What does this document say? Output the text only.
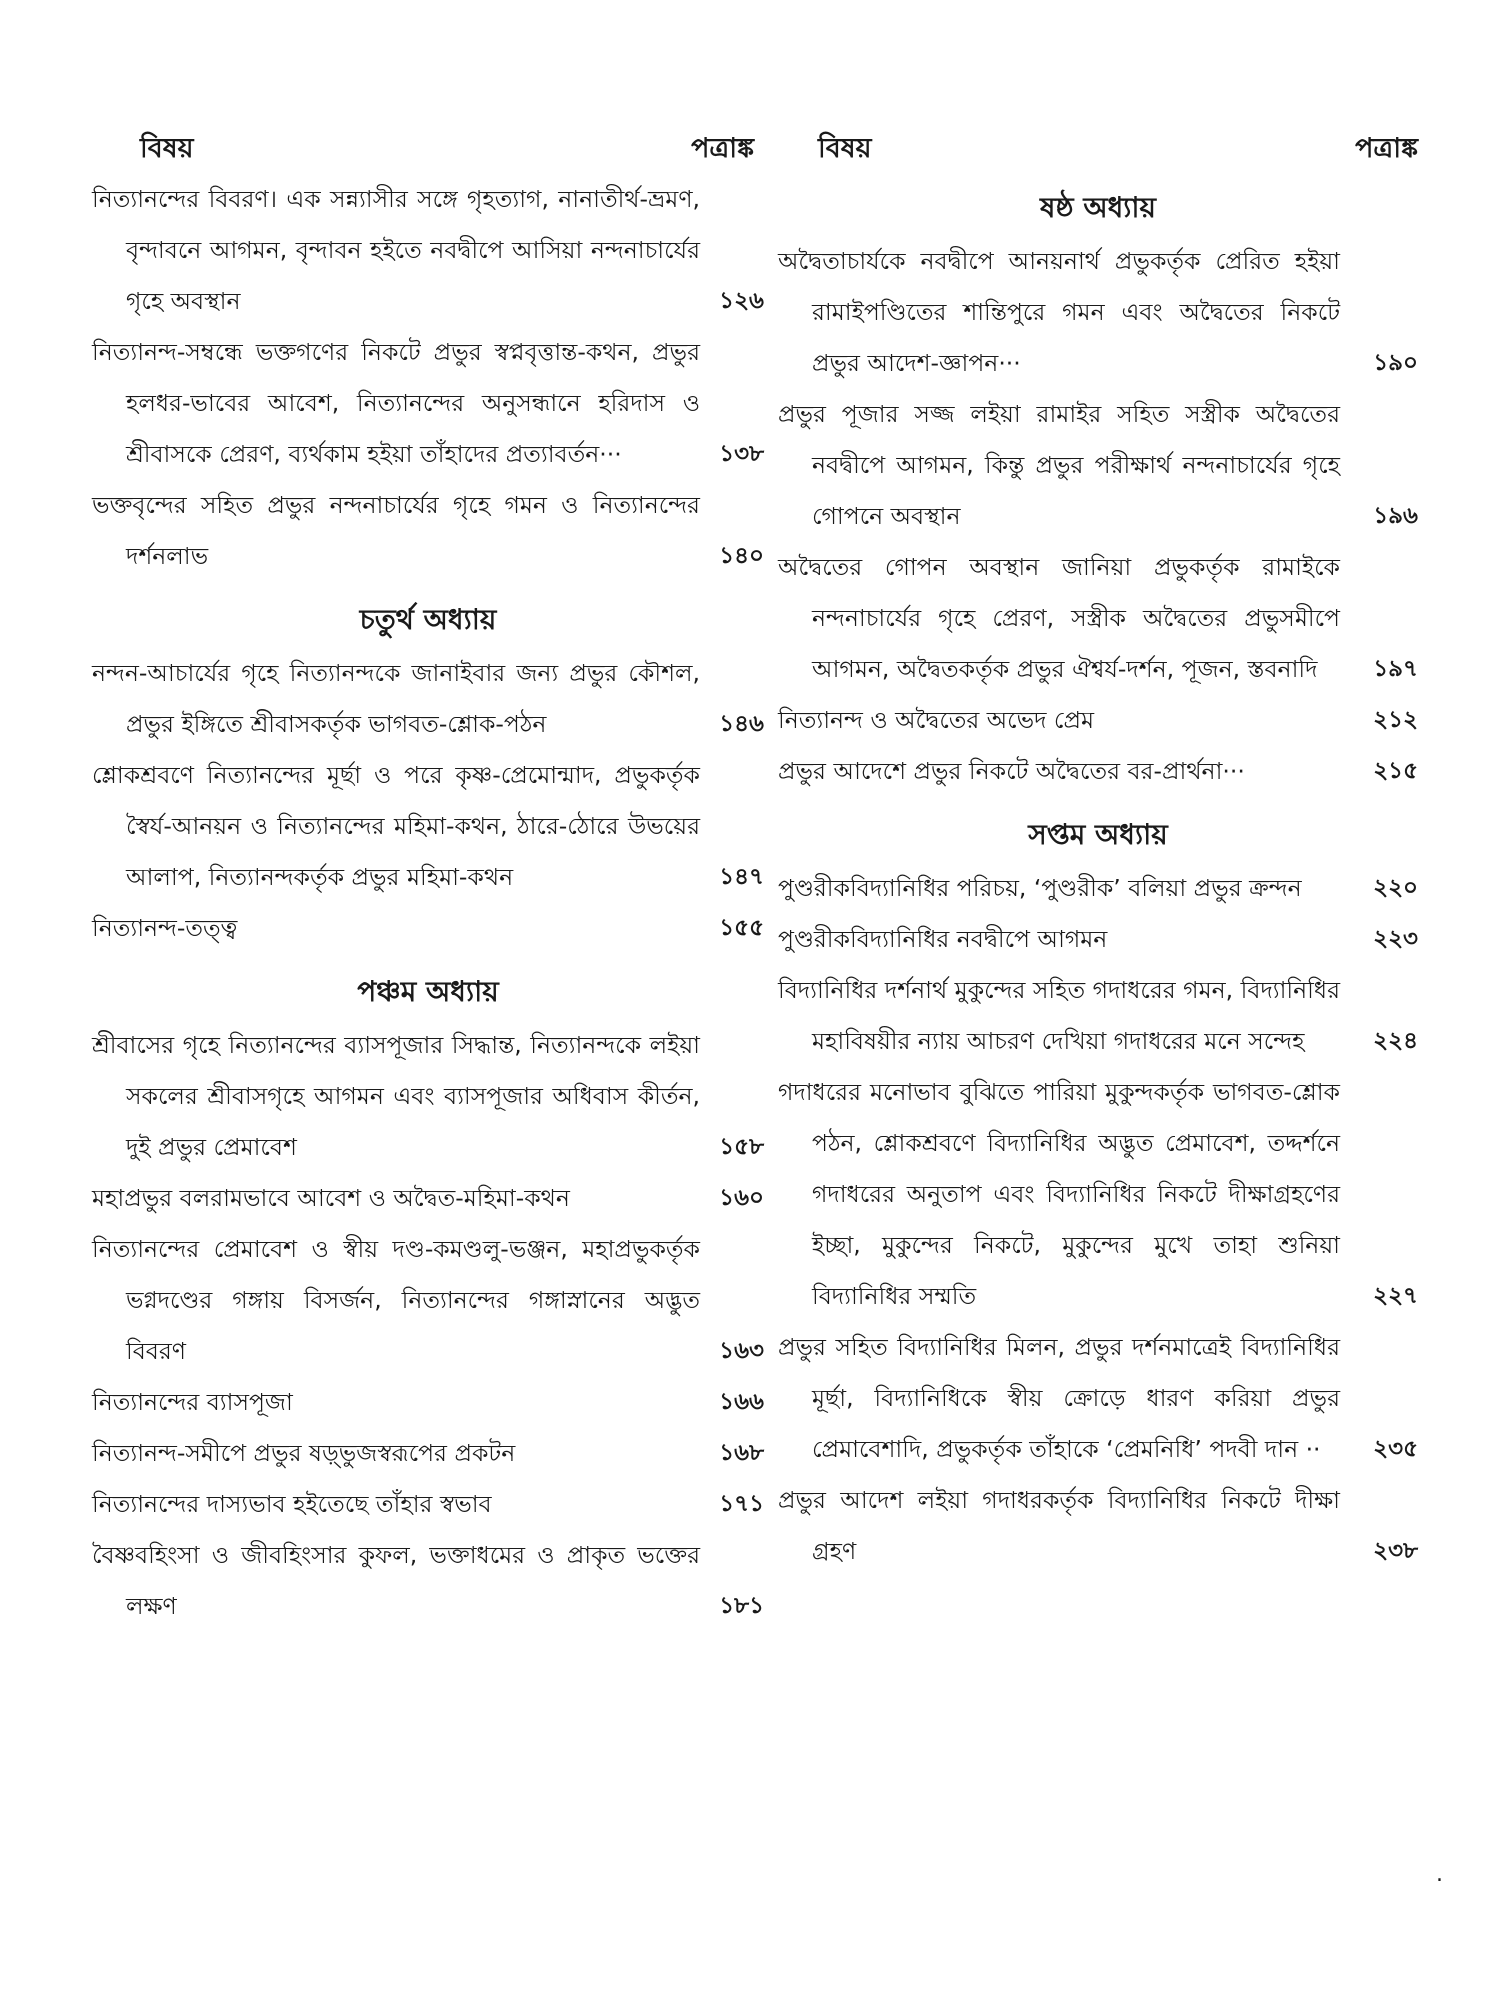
বিষয়	পত্রাঙ্ক
নিত্যানন্দের বিবরণ। এক সন্ন্যাসীর সঙ্গে গৃহত্যাগ, নানাতীর্থ-ভ্রমণ, বৃন্দাবনে আগমন, বৃন্দাবন হইতে নবদ্বীপে আসিয়া নন্দনাচার্যের গৃহে অবস্থান	১২৬
নিত্যানন্দ-সম্বন্ধে ভক্তগণের নিকটে প্রভুর স্বপ্নবৃত্তান্ত-কথন, প্রভুর হলধর-ভাবের আবেশ, নিত্যানন্দের অনুসন্ধানে হরিদাস ও শ্রীবাসকে প্রেরণ, ব্যর্থকাম হইয়া তাঁহাদের প্রত্যাবর্তন···	১৩৮
ভক্তবৃন্দের সহিত প্রভুর নন্দনাচার্যের গৃহে গমন ও নিত্যানন্দের দর্শনলাভ	১৪০
চতুর্থ অধ্যায়
নন্দন-আচার্যের গৃহে নিত্যানন্দকে জানাইবার জন্য প্রভুর কৌশল, প্রভুর ইঙ্গিতে শ্রীবাসকর্তৃক ভাগবত-শ্লোক-পঠন	১৪৬
শ্লোকশ্রবণে নিত্যানন্দের মূর্ছা ও পরে কৃষ্ণ-প্রেমোন্মাদ, প্রভুকর্তৃক স্বৈর্য-আনয়ন ও নিত্যানন্দের মহিমা-কথন, ঠারে-ঠোরে উভয়ের আলাপ, নিত্যানন্দকর্তৃক প্রভুর মহিমা-কথন	১৪৭
নিত্যানন্দ-তত্ত্ব	১৫৫
পঞ্চম অধ্যায়
শ্রীবাসের গৃহে নিত্যানন্দের ব্যাসপূজার সিদ্ধান্ত, নিত্যানন্দকে লইয়া সকলের শ্রীবাসগৃহে আগমন এবং ব্যাসপূজার অধিবাস কীর্তন, দুই প্রভুর প্রেমাবেশ	১৫৮
মহাপ্রভুর বলরামভাবে আবেশ ও অদ্বৈত-মহিমা-কথন	১৬০
নিত্যানন্দের প্রেমাবেশ ও স্বীয় দণ্ড-কমণ্ডলু-ভঞ্জন, মহাপ্রভুকর্তৃক ভগ্নদণ্ডের গঙ্গায় বিসর্জন, নিত্যানন্দের গঙ্গাস্নানের অদ্ভুত বিবরণ	১৬৩
নিত্যানন্দের ব্যাসপূজা	১৬৬
নিত্যানন্দ-সমীপে প্রভুর ষড়্‌ভুজস্বরূপের প্রকটন	১৬৮
নিত্যানন্দের দাস্যভাব হইতেছে তাঁহার স্বভাব	১৭১
বৈষ্ণবহিংসা ও জীবহিংসার কুফল, ভক্তাধমের ও প্রাকৃত ভক্তের লক্ষণ	১৮১
বিষয়	পত্রাঙ্ক
ষষ্ঠ অধ্যায়
অদ্বৈতাচার্যকে নবদ্বীপে আনয়নার্থ প্রভুকর্তৃক প্রেরিত হইয়া রামাইপণ্ডিতের শান্তিপুরে গমন এবং অদ্বৈতের নিকটে প্রভুর আদেশ-জ্ঞাপন···	১৯০
প্রভুর পূজার সজ্জ লইয়া রামাইর সহিত সস্ত্রীক অদ্বৈতের নবদ্বীপে আগমন, কিন্তু প্রভুর পরীক্ষার্থ নন্দনাচার্যের গৃহে গোপনে অবস্থান	১৯৬
অদ্বৈতের গোপন অবস্থান জানিয়া প্রভুকর্তৃক রামাইকে নন্দনাচার্যের গৃহে প্রেরণ, সস্ত্রীক অদ্বৈতের প্রভুসমীপে আগমন, অদ্বৈতকর্তৃক প্রভুর ঐশ্বর্য-দর্শন, পূজন, স্তবনাদি	১৯৭
নিত্যানন্দ ও অদ্বৈতের অভেদ প্রেম	২১২
প্রভুর আদেশে প্রভুর নিকটে অদ্বৈতের বর-প্রার্থনা···	২১৫
সপ্তম অধ্যায়
পুণ্ডরীকবিদ্যানিধির পরিচয়, ‘পুণ্ডরীক’ বলিয়া প্রভুর ক্রন্দন	২২০
পুণ্ডরীকবিদ্যানিধির নবদ্বীপে আগমন	২২৩
বিদ্যানিধির দর্শনার্থ মুকুন্দের সহিত গদাধরের গমন, বিদ্যানিধির মহাবিষয়ীর ন্যায় আচরণ দেখিয়া গদাধরের মনে সন্দেহ	২২৪
গদাধরের মনোভাব বুঝিতে পারিয়া মুকুন্দকর্তৃক ভাগবত-শ্লোক পঠন, শ্লোকশ্রবণে বিদ্যানিধির অদ্ভুত প্রেমাবেশ, তদ্দর্শনে গদাধরের অনুতাপ এবং বিদ্যানিধির নিকটে দীক্ষাগ্রহণের ইচ্ছা, মুকুন্দের নিকটে, মুকুন্দের মুখে তাহা শুনিয়া বিদ্যানিধির সম্মতি	২২৭
প্রভুর সহিত বিদ্যানিধির মিলন, প্রভুর দর্শনমাত্রেই বিদ্যানিধির মূর্ছা, বিদ্যানিধিকে স্বীয় ক্রোড়ে ধারণ করিয়া প্রভুর প্রেমাবেশাদি, প্রভুকর্তৃক তাঁহাকে ‘প্রেমনিধি’ পদবী দান ··	২৩৫
প্রভুর আদেশ লইয়া গদাধরকর্তৃক বিদ্যানিধির নিকটে দীক্ষা গ্রহণ	২৩৮
.
